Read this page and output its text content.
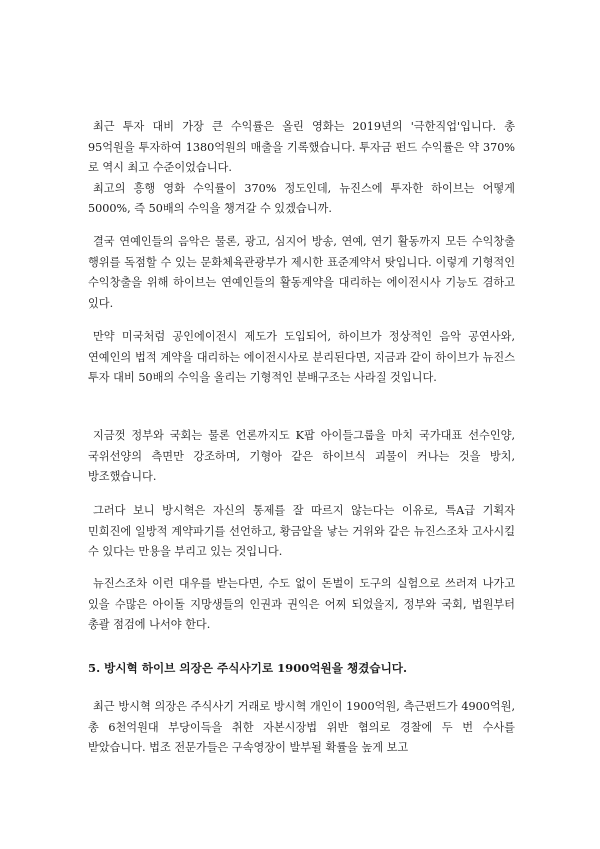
최근 투자 대비 가장 큰 수익률은 올린 영화는 2019년의 '극한직업'입니다. 총 95억원을 투자하여 1380억원의 매출을 기록했습니다. 투자금 펀드 수익률은 약 370%로 역시 최고 수준이었습니다.

최고의 흥행 영화 수익률이 370% 정도인데, 뉴진스에 투자한 하이브는 어떻게 5000%, 즉 50배의 수익을 챙겨갈 수 있겠습니까.

결국 연예인들의 음악은 물론, 광고, 심지어 방송, 연예, 연기 활동까지 모든 수익창출 행위를 독점할 수 있는 문화체육관광부가 제시한 표준계약서 탓입니다. 이렇게 기형적인 수익창출을 위해 하이브는 연예인들의 활동계약을 대리하는 에이전시사 기능도 겸하고 있다.

만약 미국처럼 공인에이전시 제도가 도입되어, 하이브가 정상적인 음악 공연사와, 연예인의 법적 계약을 대리하는 에이전시사로 분리된다면, 지금과 같이 하이브가 뉴진스 투자 대비 50배의 수익을 올리는 기형적인 분배구조는 사라질 것입니다.

지금껏 정부와 국회는 물론 언론까지도 K팝 아이들그룹을 마치 국가대표 선수인양, 국위선양의 측면만 강조하며, 기형아 같은 하이브식 괴물이 커나는 것을 방치, 방조했습니다.

그러다 보니 방시혁은 자신의 통제를 잘 따르지 않는다는 이유로, 특A급 기획자 민희진에 일방적 계약파기를 선언하고, 황금알을 낳는 거위와 같은 뉴진스조차 고사시킬 수 있다는 만용을 부리고 있는 것입니다.

뉴진스조차 이런 대우를 받는다면, 수도 없이 돈벌이 도구의 실험으로 쓰러져 나가고 있을 수많은 아이돌 지망생들의 인권과 권익은 어찌 되었을지, 정부와 국회, 법원부터 총괄 점검에 나서야 한다.

5. 방시혁 하이브 의장은 주식사기로 1900억원을 챙겼습니다.

최근 방시혁 의장은 주식사기 거래로 방시혁 개인이 1900억원, 측근펀드가 4900억원, 총 6천억원대 부당이득을 취한 자본시장법 위반 혐의로 경찰에 두 번 수사를 받았습니다. 법조 전문가들은 구속영장이 발부될 확률을 높게 보고
